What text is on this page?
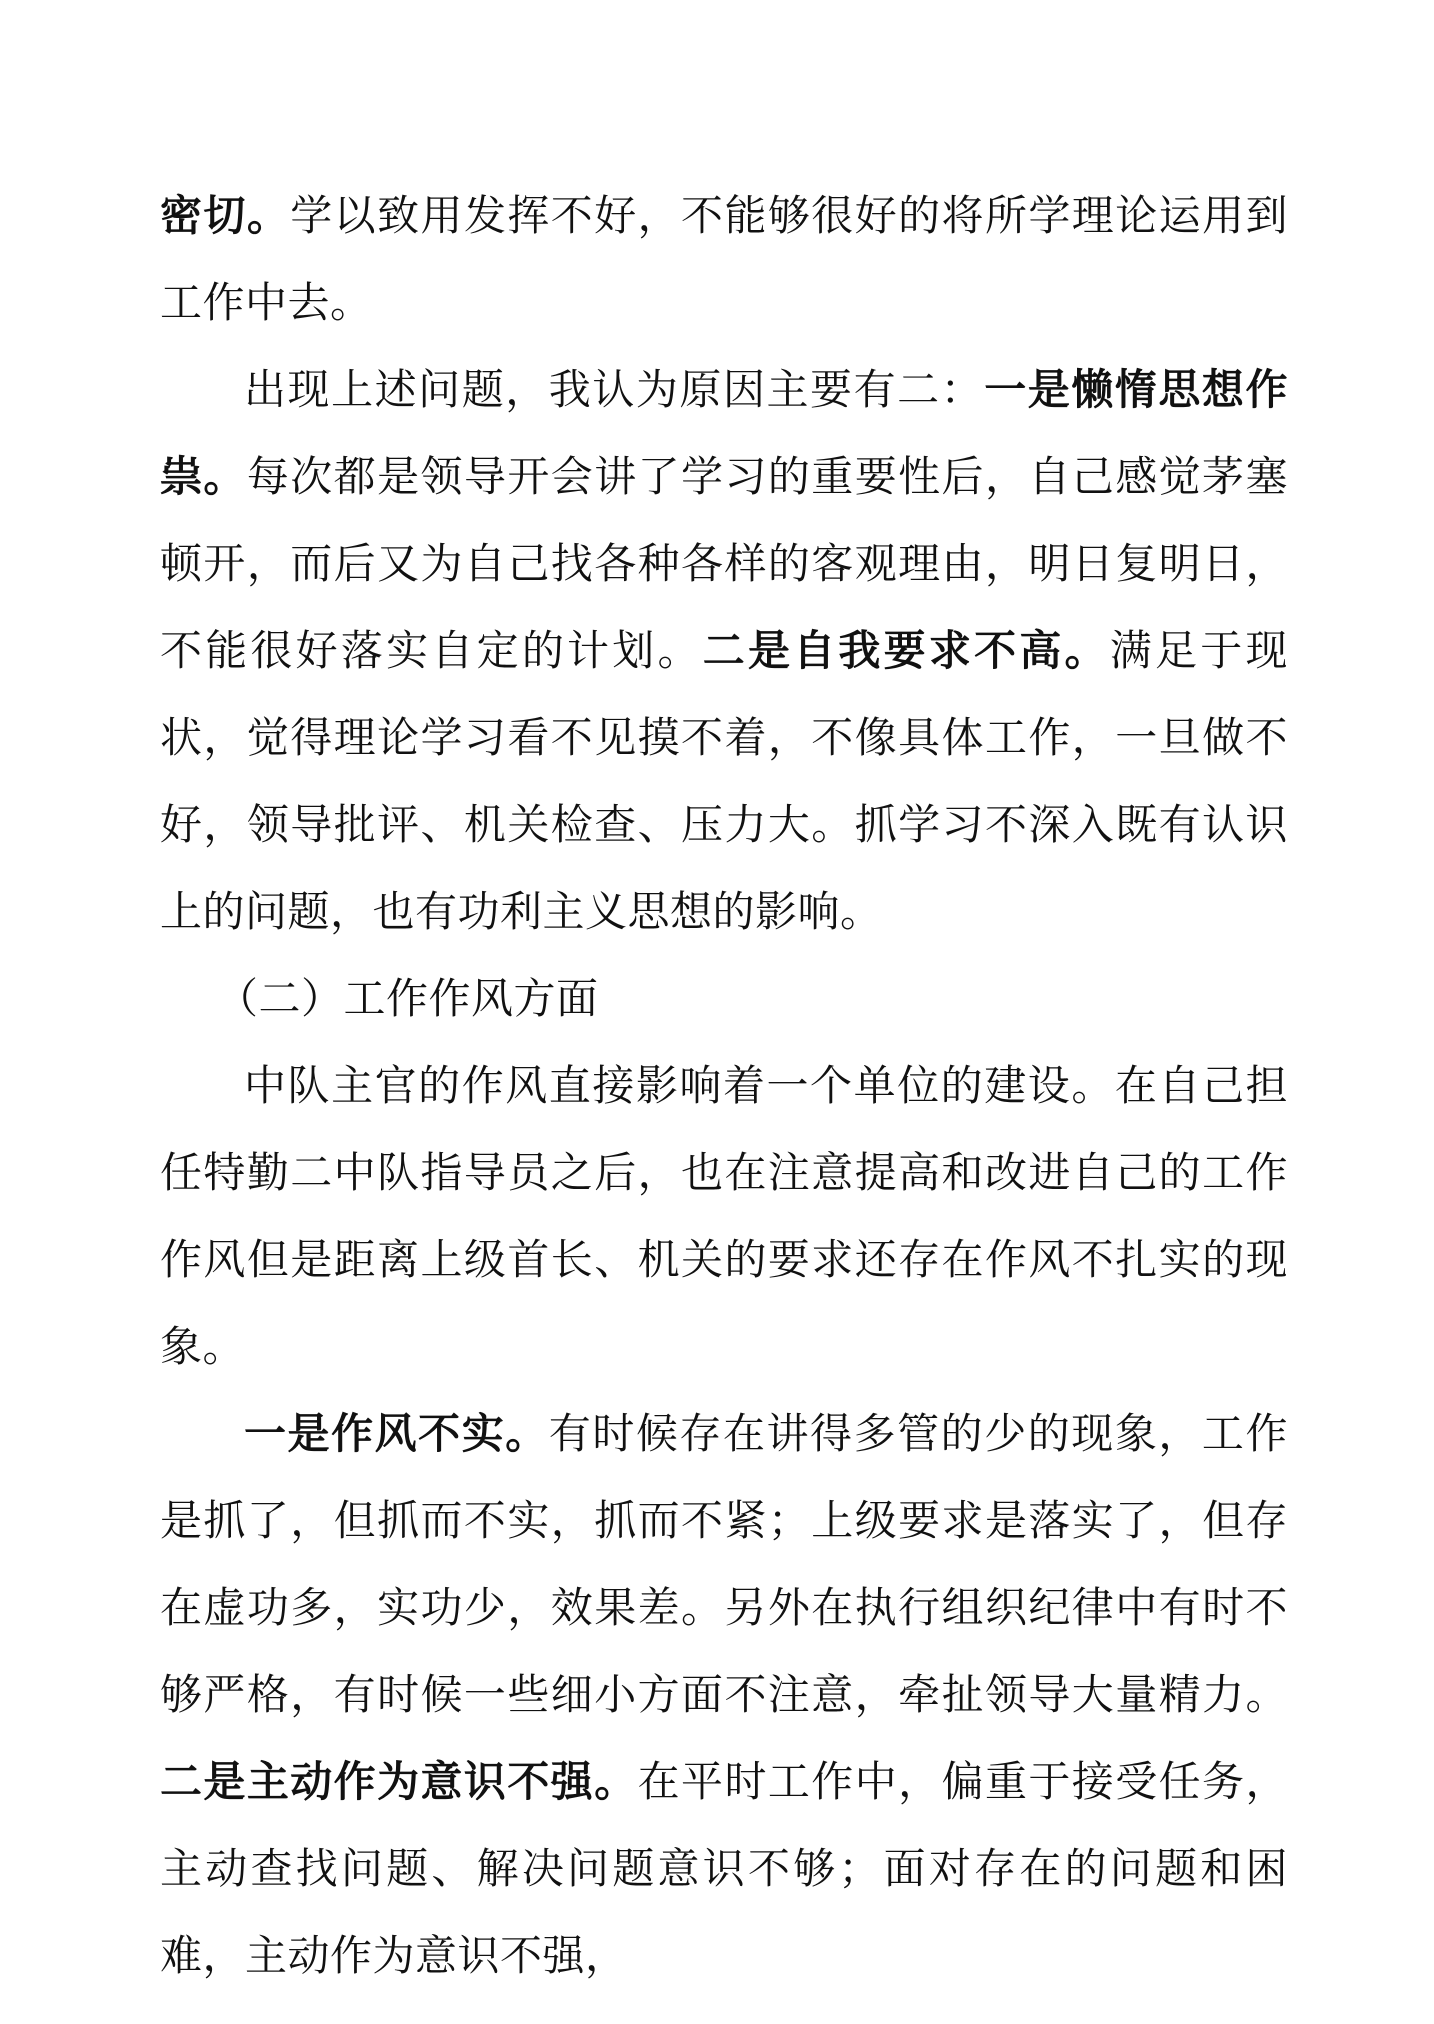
密切。学以致用发挥不好，不能够很好的将所学理论运用到工作中去。

出现上述问题，我认为原因主要有二：一是懒惰思想作祟。每次都是领导开会讲了学习的重要性后，自己感觉茅塞顿开，而后又为自己找各种各样的客观理由，明日复明日，不能很好落实自定的计划。二是自我要求不高。满足于现状，觉得理论学习看不见摸不着，不像具体工作，一旦做不好，领导批评、机关检查、压力大。抓学习不深入既有认识上的问题，也有功利主义思想的影响。

（二）工作作风方面

中队主官的作风直接影响着一个单位的建设。在自己担任特勤二中队指导员之后，也在注意提高和改进自己的工作作风但是距离上级首长、机关的要求还存在作风不扎实的现象。

一是作风不实。有时候存在讲得多管的少的现象，工作是抓了，但抓而不实，抓而不紧；上级要求是落实了，但存在虚功多，实功少，效果差。另外在执行组织纪律中有时不够严格，有时候一些细小方面不注意，牵扯领导大量精力。二是主动作为意识不强。在平时工作中，偏重于接受任务，主动查找问题、解决问题意识不够；面对存在的问题和困难，主动作为意识不强，
